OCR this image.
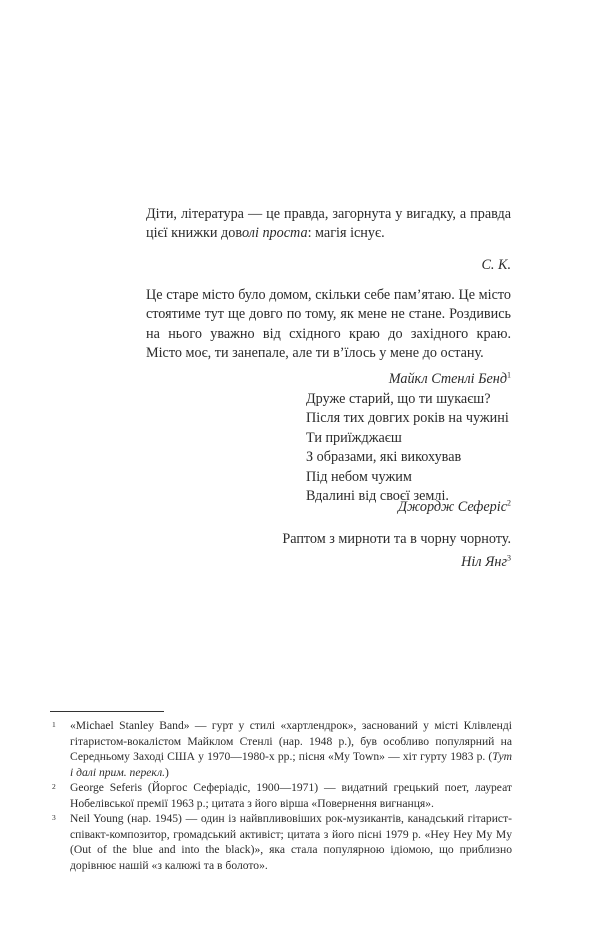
Діти, література — це правда, загорнута у вигадку, а правда цієї книжки доволі проста: магія існує.

С. К.

Це старе місто було домом, скільки себе пам’ятаю. Це місто стоятиме тут ще довго по тому, як мене не стане. Роздивись на нього уважно від східного краю до західного краю. Місто моє, ти занепале, але ти в’їлось у мене до остану.

Майкл Стенлі Бенд$^1$

Друже старий, що ти шукаєш?
Після тих довгих років на чужині
Ти приїжджаєш
З образами, які викохував
Під небом чужим
Вдалині від своєї землі.

Джордж Сеферіс$^2$

Раптом з мирноти та в чорну чорноту.

Ніл Янг$^3$

1 «Michael Stanley Band» — гурт у стилі «хартлендрок», заснований у місті Клівленді гітаристом-вокалістом Майклом Стенлі (нар. 1948 р.), був особливо популярний на Середньому Заході США у 1970—1980-х рр.; пісня «My Town» — хіт гурту 1983 р. (Тут і далі прим. перекл.)
2 George Seferis (Йоргос Сеферіадіс, 1900—1971) — видатний грецький поет, лауреат Нобелівської премії 1963 р.; цитата з його вірша «Повернення вигнанця».
3 Neil Young (нар. 1945) — один із найвпливовіших рок-музикантів, канадський гітарист-співакт-композитор, громадський активіст; цитата з його пісні 1979 р. «Hey Hey My My (Out of the blue and into the black)», яка стала популярною ідіомою, що приблизно дорівнює нашій «з калюжі та в болото».
